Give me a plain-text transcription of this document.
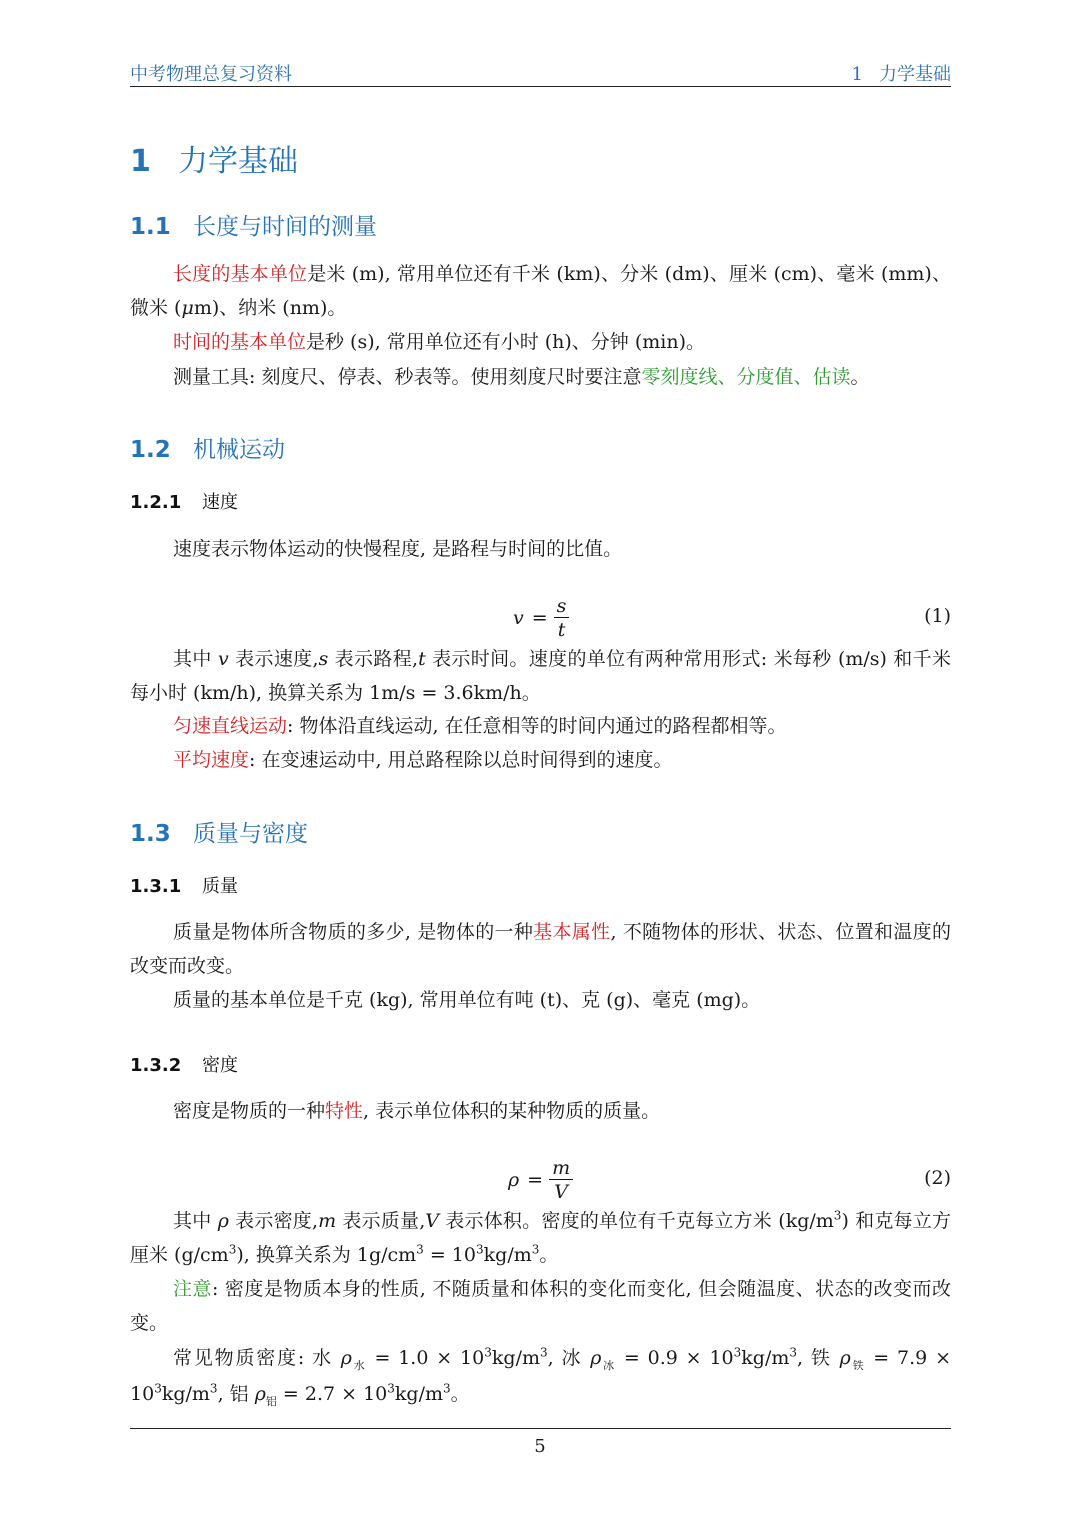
中考物理总复习资料	1 力学基础
1 力学基础
1.1 长度与时间的测量

长度的基本单位是米 (m), 常用单位还有千米 (km)、分米 (dm)、厘米 (cm)、毫米 (mm)、微米 (μm)、纳米 (nm)。

时间的基本单位是秒 (s), 常用单位还有小时 (h)、分钟 (min)。

测量工具: 刻度尺、停表、秒表等。使用刻度尺时要注意零刻度线、分度值、估读。

1.2 机械运动
1.2.1 速度

速度表示物体运动的快慢程度, 是路程与时间的比值。

$v = \frac{s}{t}$	(1)

其中 v 表示速度,s 表示路程,t 表示时间。速度的单位有两种常用形式: 米每秒 (m/s) 和千米每小时 (km/h), 换算关系为 1m/s = 3.6km/h。

匀速直线运动: 物体沿直线运动, 在任意相等的时间内通过的路程都相等。

平均速度: 在变速运动中, 用总路程除以总时间得到的速度。

1.3 质量与密度
1.3.1 质量

质量是物体所含物质的多少, 是物体的一种基本属性, 不随物体的形状、状态、位置和温度的改变而改变。

质量的基本单位是千克 (kg), 常用单位有吨 (t)、克 (g)、毫克 (mg)。

1.3.2 密度

密度是物质的一种特性, 表示单位体积的某种物质的质量。

$\rho = \frac{m}{V}$	(2)

其中 ρ 表示密度,m 表示质量,V 表示体积。密度的单位有千克每立方米 $(kg/m^3)$ 和克每立方厘米 $(g/cm^3)$, 换算关系为 $1g/cm^3 = 10^3kg/m^3$。

注意: 密度是物质本身的性质, 不随质量和体积的变化而变化, 但会随温度、状态的改变而改变。

常见物质密度: 水 $\rho_水 = 1.0 \times 10^3kg/m^3$, 冰 $\rho_冰 = 0.9 \times 10^3kg/m^3$, 铁 $\rho_铁 = 7.9 \times 10^3kg/m^3$, 铝 $\rho_铝 = 2.7 \times 10^3kg/m^3$。

5
